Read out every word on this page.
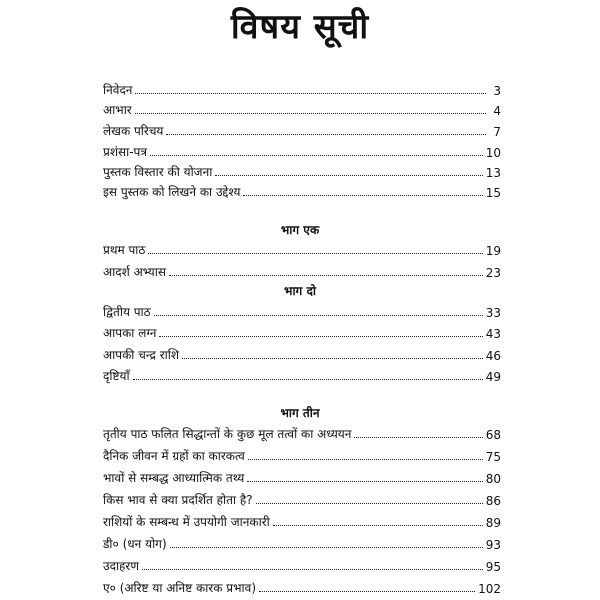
विषय सूची
निवेदन	3
आभार	4
लेखक परिचय	7
प्रशंसा-पत्र	10
पुस्तक विस्तार की योजना	13
इस पुस्तक को लिखने का उद्देश्य	15
भाग एक
प्रथम पाठ	19
आदर्श अभ्यास	23
भाग दो
द्वितीय पाठ	33
आपका लग्न	43
आपकी चन्द्र राशि	46
दृष्टियाँ	49
भाग तीन
तृतीय पाठ फलित सिद्धान्तों के कुछ मूल तत्वों का अध्ययन	68
दैनिक जीवन में ग्रहों का कारकत्व	75
भावों से सम्बद्ध आध्यात्मिक तथ्य	80
किस भाव से क्या प्रदर्शित होता है?	86
राशियों के सम्बन्ध में उपयोगी जानकारी	89
डी० (धन योग)	93
उदाहरण	95
ए० (अरिष्ट या अनिष्ट कारक प्रभाव)	102
